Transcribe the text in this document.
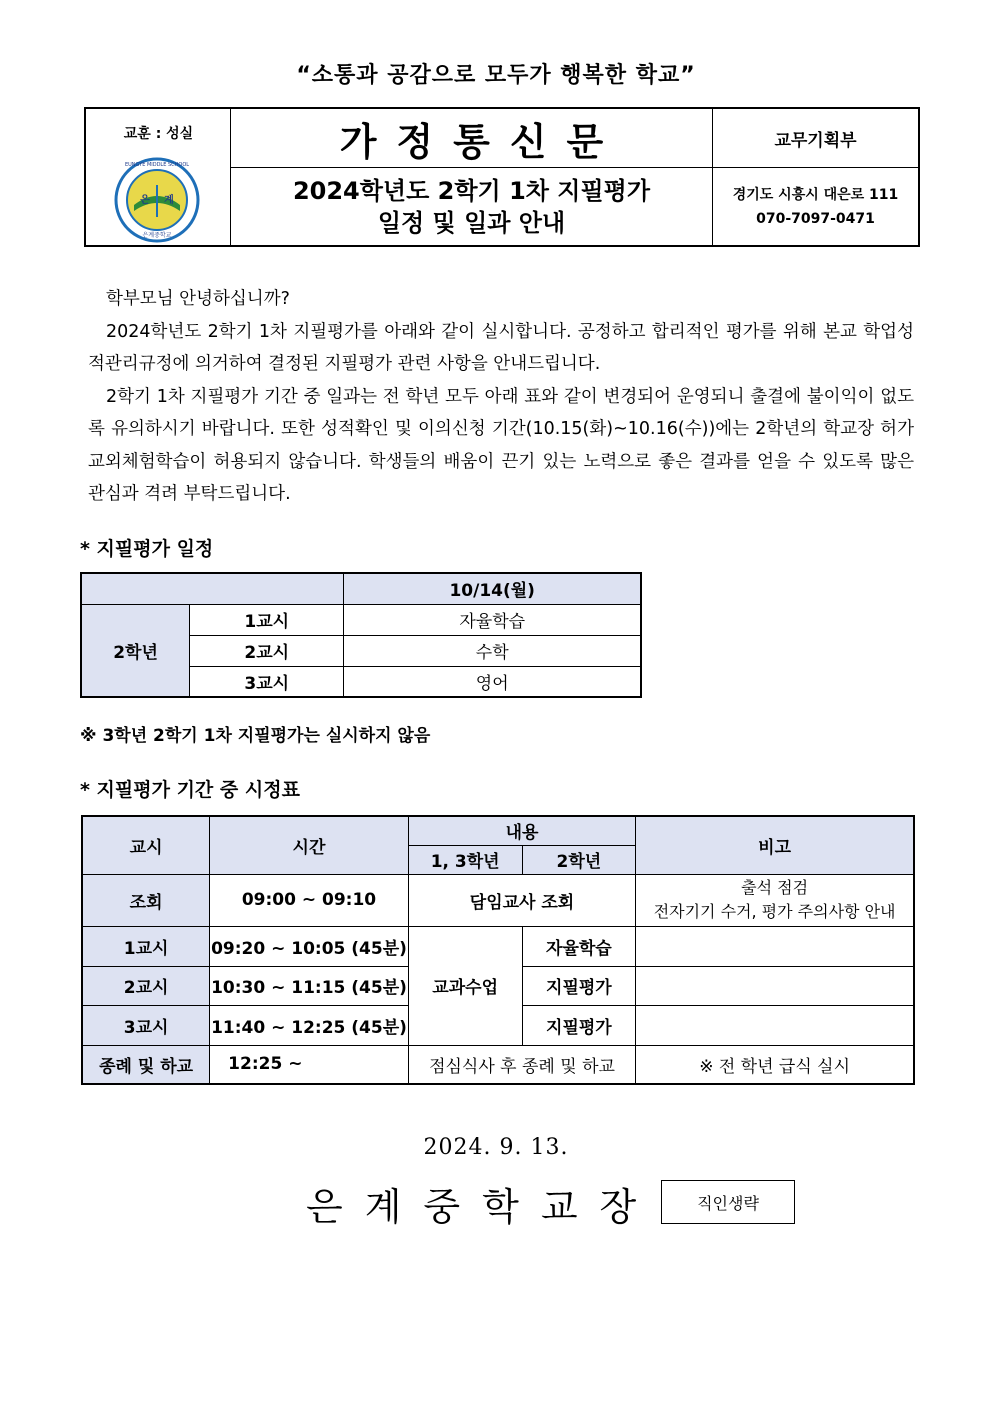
“소통과 공감으로 모두가 행복한 학교”
교훈 : 성실
은 계
은계중학교
EUNGYE MIDDLE SCHOOL
가정통신문
2024학년도 2학기 1차 지필평가
일정 및 일과 안내
교무기획부
경기도 시흥시 대은로 111
070-7097-0471

학부모님 안녕하십니까?

2024학년도 2학기 1차 지필평가를 아래와 같이 실시합니다. 공정하고 합리적인 평가를 위해 본교 학업성적관리규정에 의거하여 결정된 지필평가 관련 사항을 안내드립니다.

2학기 1차 지필평가 기간 중 일과는 전 학년 모두 아래 표와 같이 변경되어 운영되니 출결에 불이익이 없도록 유의하시기 바랍니다. 또한 성적확인 및 이의신청 기간(10.15(화)~10.16(수))에는 2학년의 학교장 허가 교외체험학습이 허용되지 않습니다. 학생들의 배움이 끈기 있는 노력으로 좋은 결과를 얻을 수 있도록 많은 관심과 격려 부탁드립니다.

* 지필평가 일정
		10/14(월)
2학년	1교시	자율학습
	2교시	수학
	3교시	영어
※ 3학년 2학기 1차 지필평가는 실시하지 않음
* 지필평가 기간 중 시정표
교시	시간	내용		비고
		1, 3학년	2학년	
조회	09:00 ~ 09:10	담임교사 조회		출석 점검
전자기기 수거, 평가 주의사항 안내

1교시	09:20 ~ 10:05 (45분)	교과수업	자율학습	
2교시	10:30 ~ 11:15 (45분)		지필평가	
3교시	11:40 ~ 12:25 (45분)		지필평가	
종례 및 하교	12:25 ~	점심식사 후 종례 및 하교		※ 전 학년 급식 실시
2024. 9. 13.
은계중학교장	직인생략
